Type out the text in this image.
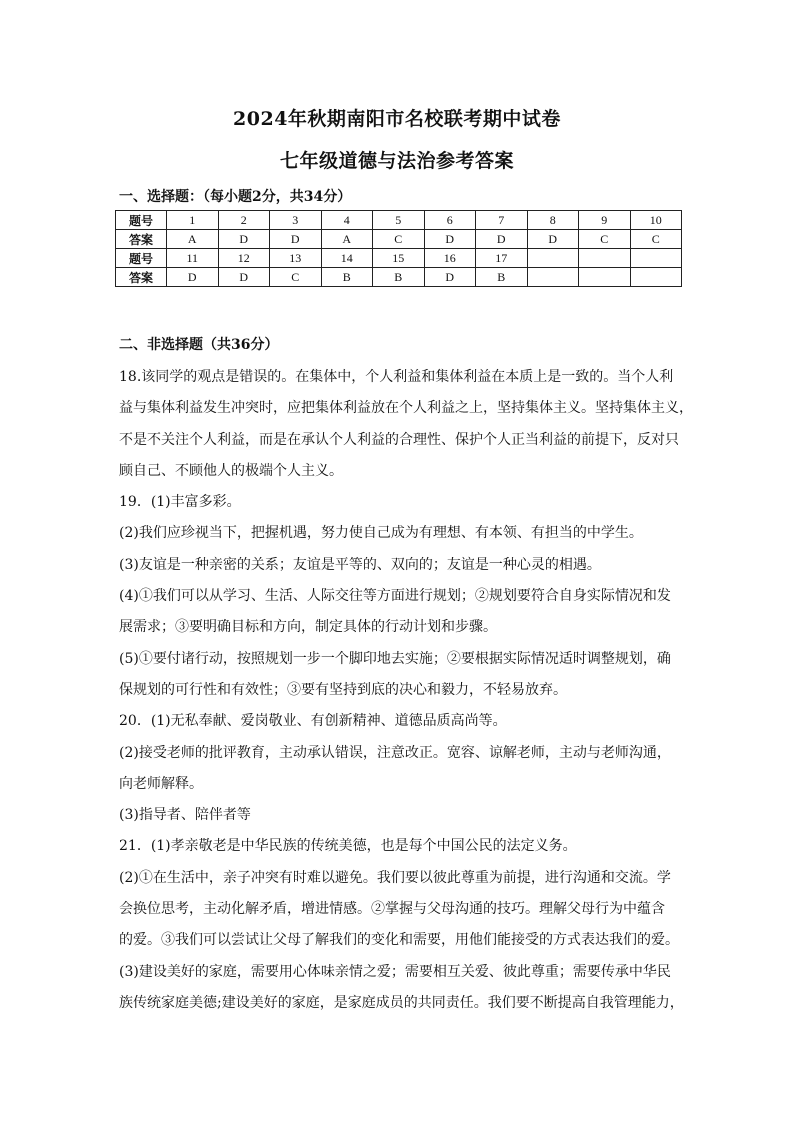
2024年秋期南阳市名校联考期中试卷
七年级道德与法治参考答案
一、选择题：（每小题2分，共34分）
题号	1	2	3	4	5	6	7	8	9	10
答案	A	D	D	A	C	D	D	D	C	C
题号	11	12	13	14	15	16	17			
答案	D	D	C	B	B	D	B			
二、非选择题（共36分）
18.该同学的观点是错误的。在集体中，个人利益和集体利益在本质上是一致的。当个人利
益与集体利益发生冲突时，应把集体利益放在个人利益之上，坚持集体主义。坚持集体主义，
不是不关注个人利益，而是在承认个人利益的合理性、保护个人正当利益的前提下，反对只
顾自己、不顾他人的极端个人主义。
19．(1)丰富多彩。
(2)我们应珍视当下，把握机遇，努力使自己成为有理想、有本领、有担当的中学生。
(3)友谊是一种亲密的关系；友谊是平等的、双向的；友谊是一种心灵的相遇。
(4)①我们可以从学习、生活、人际交往等方面进行规划；②规划要符合自身实际情况和发
展需求；③要明确目标和方向，制定具体的行动计划和步骤。
(5)①要付诸行动，按照规划一步一个脚印地去实施；②要根据实际情况适时调整规划，确
保规划的可行性和有效性；③要有坚持到底的决心和毅力，不轻易放弃。
20．(1)无私奉献、爱岗敬业、有创新精神、道德品质高尚等。
(2)接受老师的批评教育，主动承认错误，注意改正。宽容、谅解老师，主动与老师沟通，
向老师解释。
(3)指导者、陪伴者等
21．(1)孝亲敬老是中华民族的传统美德，也是每个中国公民的法定义务。
(2)①在生活中，亲子冲突有时难以避免。我们要以彼此尊重为前提，进行沟通和交流。学
会换位思考，主动化解矛盾，增进情感。②掌握与父母沟通的技巧。理解父母行为中蕴含
的爱。③我们可以尝试让父母了解我们的变化和需要，用他们能接受的方式表达我们的爱。
(3)建设美好的家庭，需要用心体味亲情之爱；需要相互关爱、彼此尊重；需要传承中华民
族传统家庭美德;建设美好的家庭，是家庭成员的共同责任。我们要不断提高自我管理能力，
